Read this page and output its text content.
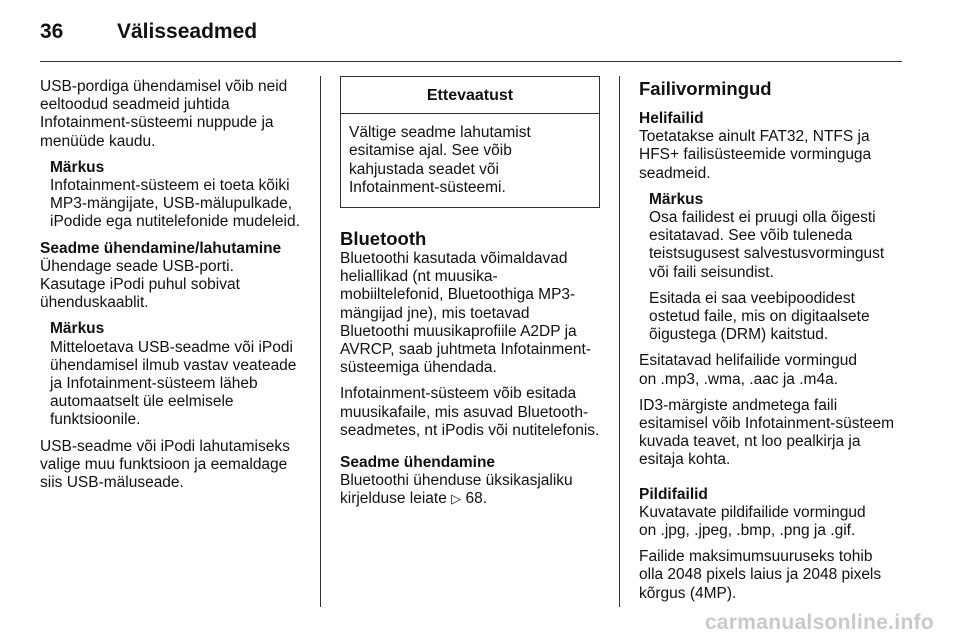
36	Välisseadmed

USB-pordiga ühendamisel võib neid
eeltoodud seadmeid juhtida
Infotainment-süsteemi nuppude ja
menüüde kaudu.

Märkus

Infotainment-süsteem ei toeta kõiki
MP3-mängijate, USB-mälupulkade,
iPodide ega nutitelefonide mudeleid.

Seadme ühendamine/lahutamine

Ühendage seade USB-porti.
Kasutage iPodi puhul sobivat
ühenduskaablit.

Märkus

Mitteloetava USB-seadme või iPodi
ühendamisel ilmub vastav veateade
ja Infotainment-süsteem läheb
automaatselt üle eelmisele
funktsioonile.

USB-seadme või iPodi lahutamiseks
valige muu funktsioon ja eemaldage
siis USB-mäluseade.

Ettevaatust
Vältige seadme lahutamist
esitamise ajal. See võib
kahjustada seadet või
Infotainment-süsteemi.
Bluetooth

Bluetoothi kasutada võimaldavad
heliallikad (nt muusika-
mobiiltelefonid, Bluetoothiga MP3-
mängijad jne), mis toetavad
Bluetoothi muusikaprofiile A2DP ja
AVRCP, saab juhtmeta Infotainment-
süsteemiga ühendada.

Infotainment-süsteem võib esitada
muusikafaile, mis asuvad Bluetooth-
seadmetes, nt iPodis või nutitelefonis.

Seadme ühendamine

Bluetoothi ühenduse üksikasjaliku
kirjelduse leiate ▷ 68.

Failivormingud

Helifailid

Toetatakse ainult FAT32, NTFS ja
HFS+ failisüsteemide vorminguga
seadmeid.

Märkus

Osa failidest ei pruugi olla õigesti
esitatavad. See võib tuleneda
teistsugusest salvestusvormingust
või faili seisundist.

Esitada ei saa veebipoodidest
ostetud faile, mis on digitaalsete
õigustega (DRM) kaitstud.

Esitatavad helifailide vormingud
on .mp3, .wma, .aac ja .m4a.

ID3-märgiste andmetega faili
esitamisel võib Infotainment-süsteem
kuvada teavet, nt loo pealkirja ja
esitaja kohta.

Pildifailid

Kuvatavate pildifailide vormingud
on .jpg, .jpeg, .bmp, .png ja .gif.

Failide maksimumsuuruseks tohib
olla 2048 pixels laius ja 2048 pixels
kõrgus (4MP).

carmanualsonline.info
